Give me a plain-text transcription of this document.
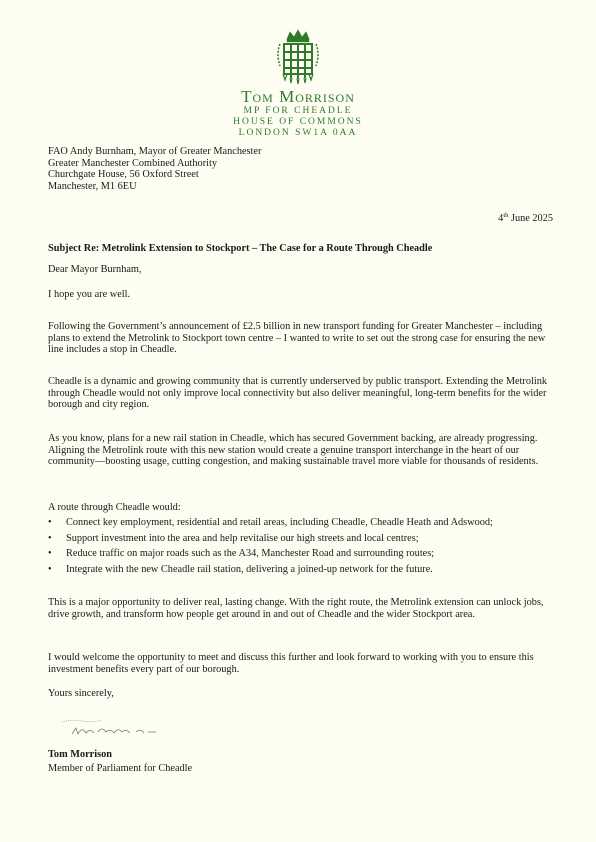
Tom Morrison
MP FOR CHEADLE
HOUSE OF COMMONS
LONDON SW1A 0AA
FAO Andy Burnham, Mayor of Greater Manchester
Greater Manchester Combined Authority
Churchgate House, 56 Oxford Street
Manchester, M1 6EU
4th June 2025
Subject Re: Metrolink Extension to Stockport – The Case for a Route Through Cheadle
Dear Mayor Burnham,
I hope you are well.
Following the Government’s announcement of £2.5 billion in new transport funding for Greater Manchester – including plans to extend the Metrolink to Stockport town centre – I wanted to write to set out the strong case for ensuring the new line includes a stop in Cheadle.
Cheadle is a dynamic and growing community that is currently underserved by public transport. Extending the Metrolink through Cheadle would not only improve local connectivity but also deliver meaningful, long-term benefits for the wider borough and city region.
As you know, plans for a new rail station in Cheadle, which has secured Government backing, are already progressing. Aligning the Metrolink route with this new station would create a genuine transport interchange in the heart of our community—boosting usage, cutting congestion, and making sustainable travel more viable for thousands of residents.
A route through Cheadle would:
• Connect key employment, residential and retail areas, including Cheadle, Cheadle Heath and Adswood;
• Support investment into the area and help revitalise our high streets and local centres;
• Reduce traffic on major roads such as the A34, Manchester Road and surrounding routes;
• Integrate with the new Cheadle rail station, delivering a joined-up network for the future.
This is a major opportunity to deliver real, lasting change. With the right route, the Metrolink extension can unlock jobs, drive growth, and transform how people get around in and out of Cheadle and the wider Stockport area.
I would welcome the opportunity to meet and discuss this further and look forward to working with you to ensure this investment benefits every part of our borough.
Yours sincerely,
Tom Morrison
Member of Parliament for Cheadle
